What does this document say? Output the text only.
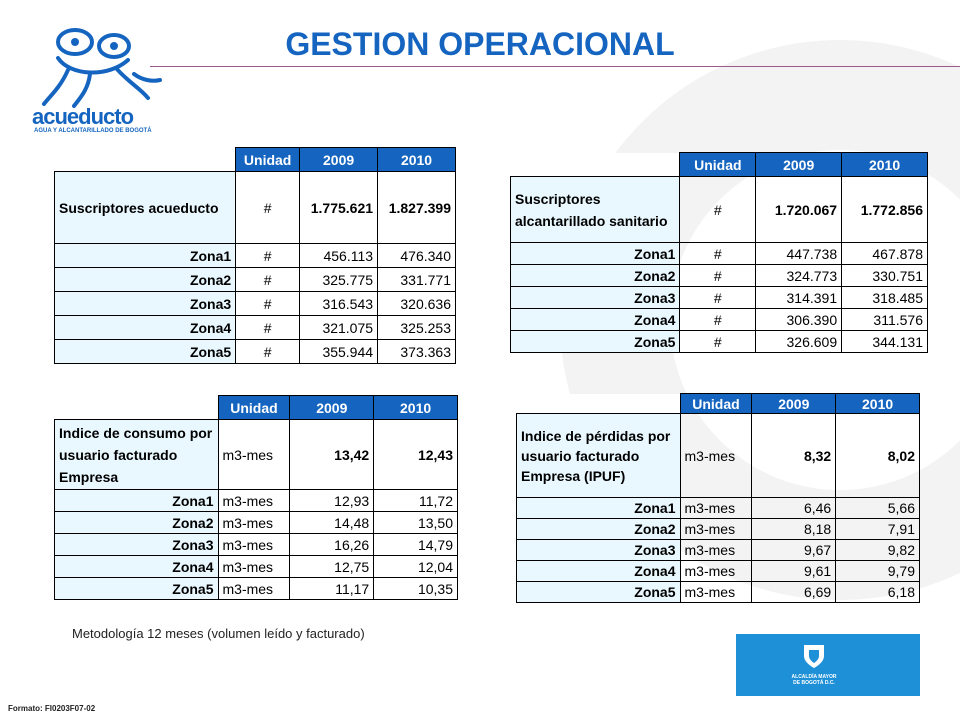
acueducto
AGUA Y ALCANTARILLADO DE BOGOTÁ
GESTION OPERACIONAL
	Unidad	2009	2010
Suscriptores acueducto	#	1.775.621	1.827.399
Zona1	#	456.113	476.340
Zona2	#	325.775	331.771
Zona3	#	316.543	320.636
Zona4	#	321.075	325.253
Zona5	#	355.944	373.363
	Unidad	2009	2010
Suscriptores alcantarillado sanitario	#	1.720.067	1.772.856
Zona1	#	447.738	467.878
Zona2	#	324.773	330.751
Zona3	#	314.391	318.485
Zona4	#	306.390	311.576
Zona5	#	326.609	344.131
	Unidad	2009	2010
Indice de consumo por usuario facturado Empresa	m3-mes	13,42	12,43
Zona1	m3-mes	12,93	11,72
Zona2	m3-mes	14,48	13,50
Zona3	m3-mes	16,26	14,79
Zona4	m3-mes	12,75	12,04
Zona5	m3-mes	11,17	10,35
	Unidad	2009	2010
Indice de pérdidas por usuario facturado Empresa (IPUF)	m3-mes	8,32	8,02
Zona1	m3-mes	6,46	5,66
Zona2	m3-mes	8,18	7,91
Zona3	m3-mes	9,67	9,82
Zona4	m3-mes	9,61	9,79
Zona5	m3-mes	6,69	6,18
Metodología 12 meses (volumen leído y facturado)
Formato: FI0203F07-02
ALCALDÍA MAYOR
DE BOGOTÁ D.C.
